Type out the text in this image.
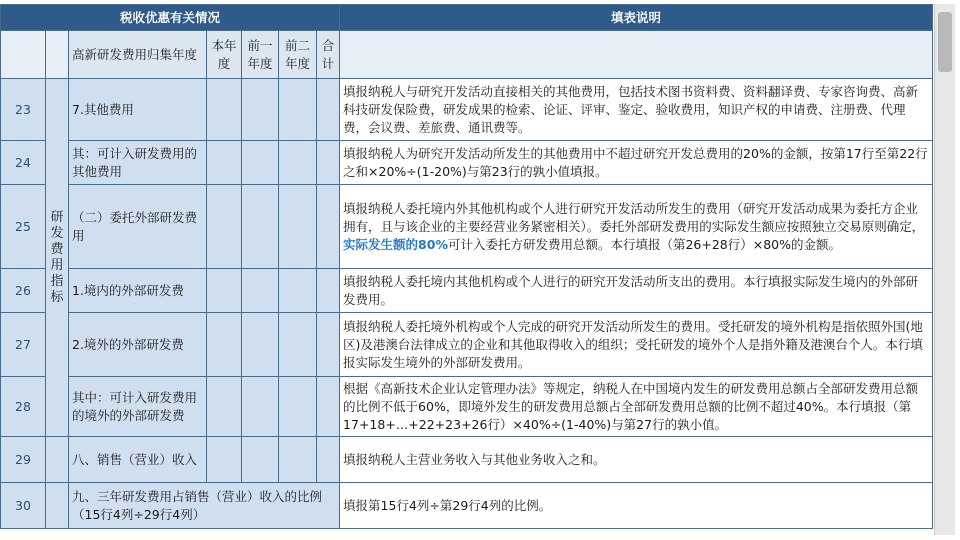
税收优惠有关情况							填表说明
		高新研发费用归集年度	本年度	前一年度	前二年度	合计	
23	研发费用指标	7.其他费用					填报纳税人与研究开发活动直接相关的其他费用，包括技术图书资料费、资料翻译费、专家咨询费、高新科技研发保险费，研发成果的检索、论证、评审、鉴定、验收费用，知识产权的申请费、注册费、代理费，会议费、差旅费、通讯费等。
24		其：可计入研发费用的其他费用					填报纳税人为研究开发活动所发生的其他费用中不超过研究开发总费用的20%的金额，按第17行至第22行之和×20%÷(1-20%)与第23行的孰小值填报。
25		（二）委托外部研发费用					填报纳税人委托境内外其他机构或个人进行研究开发活动所发生的费用（研究开发活动成果为委托方企业拥有，且与该企业的主要经营业务紧密相关）。委托外部研发费用的实际发生额应按照独立交易原则确定，实际发生额的80%可计入委托方研发费用总额。本行填报（第26+28行）×80%的金额。
26		1.境内的外部研发费					填报纳税人委托境内其他机构或个人进行的研究开发活动所支出的费用。本行填报实际发生境内的外部研发费用。
27		2.境外的外部研发费					填报纳税人委托境外机构或个人完成的研究开发活动所发生的费用。受托研发的境外机构是指依照外国(地区)及港澳台法律成立的企业和其他取得收入的组织；受托研发的境外个人是指外籍及港澳台个人。本行填报实际发生境外的外部研发费用。
28		其中：可计入研发费用的境外的外部研发费					根据《高新技术企业认定管理办法》等规定，纳税人在中国境内发生的研发费用总额占全部研发费用总额的比例不低于60%，即境外发生的研发费用总额占全部研发费用总额的比例不超过40%。本行填报（第17+18+…+22+23+26行）×40%÷(1-40%)与第27行的孰小值。
29		八、销售（营业）收入					填报纳税人主营业务收入与其他业务收入之和。
30		九、三年研发费用占销售（营业）收入的比例（15行4列÷29行4列）					填报第15行4列÷第29行4列的比例。
